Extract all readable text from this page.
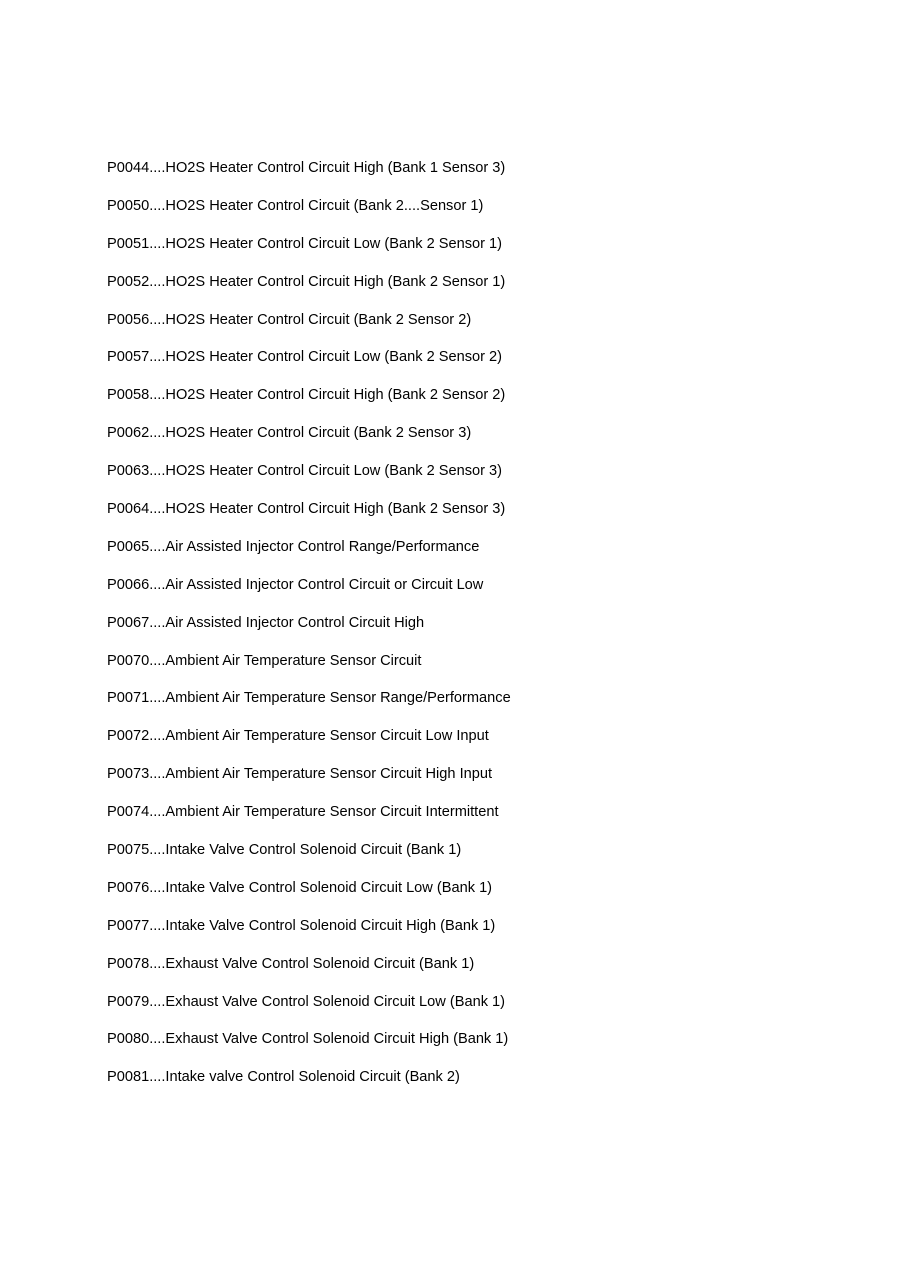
P0044....HO2S Heater Control Circuit High (Bank 1 Sensor 3)
P0050....HO2S Heater Control Circuit (Bank 2....Sensor 1)
P0051....HO2S Heater Control Circuit Low (Bank 2 Sensor 1)
P0052....HO2S Heater Control Circuit High (Bank 2 Sensor 1)
P0056....HO2S Heater Control Circuit (Bank 2 Sensor 2)
P0057....HO2S Heater Control Circuit Low (Bank 2 Sensor 2)
P0058....HO2S Heater Control Circuit High (Bank 2 Sensor 2)
P0062....HO2S Heater Control Circuit (Bank 2 Sensor 3)
P0063....HO2S Heater Control Circuit Low (Bank 2 Sensor 3)
P0064....HO2S Heater Control Circuit High (Bank 2 Sensor 3)
P0065....Air Assisted Injector Control Range/Performance
P0066....Air Assisted Injector Control Circuit or Circuit Low
P0067....Air Assisted Injector Control Circuit High
P0070....Ambient Air Temperature Sensor Circuit
P0071....Ambient Air Temperature Sensor Range/Performance
P0072....Ambient Air Temperature Sensor Circuit Low Input
P0073....Ambient Air Temperature Sensor Circuit High Input
P0074....Ambient Air Temperature Sensor Circuit Intermittent
P0075....Intake Valve Control Solenoid Circuit (Bank 1)
P0076....Intake Valve Control Solenoid Circuit Low (Bank 1)
P0077....Intake Valve Control Solenoid Circuit High (Bank 1)
P0078....Exhaust Valve Control Solenoid Circuit (Bank 1)
P0079....Exhaust Valve Control Solenoid Circuit Low (Bank 1)
P0080....Exhaust Valve Control Solenoid Circuit High (Bank 1)
P0081....Intake valve Control Solenoid Circuit (Bank 2)
